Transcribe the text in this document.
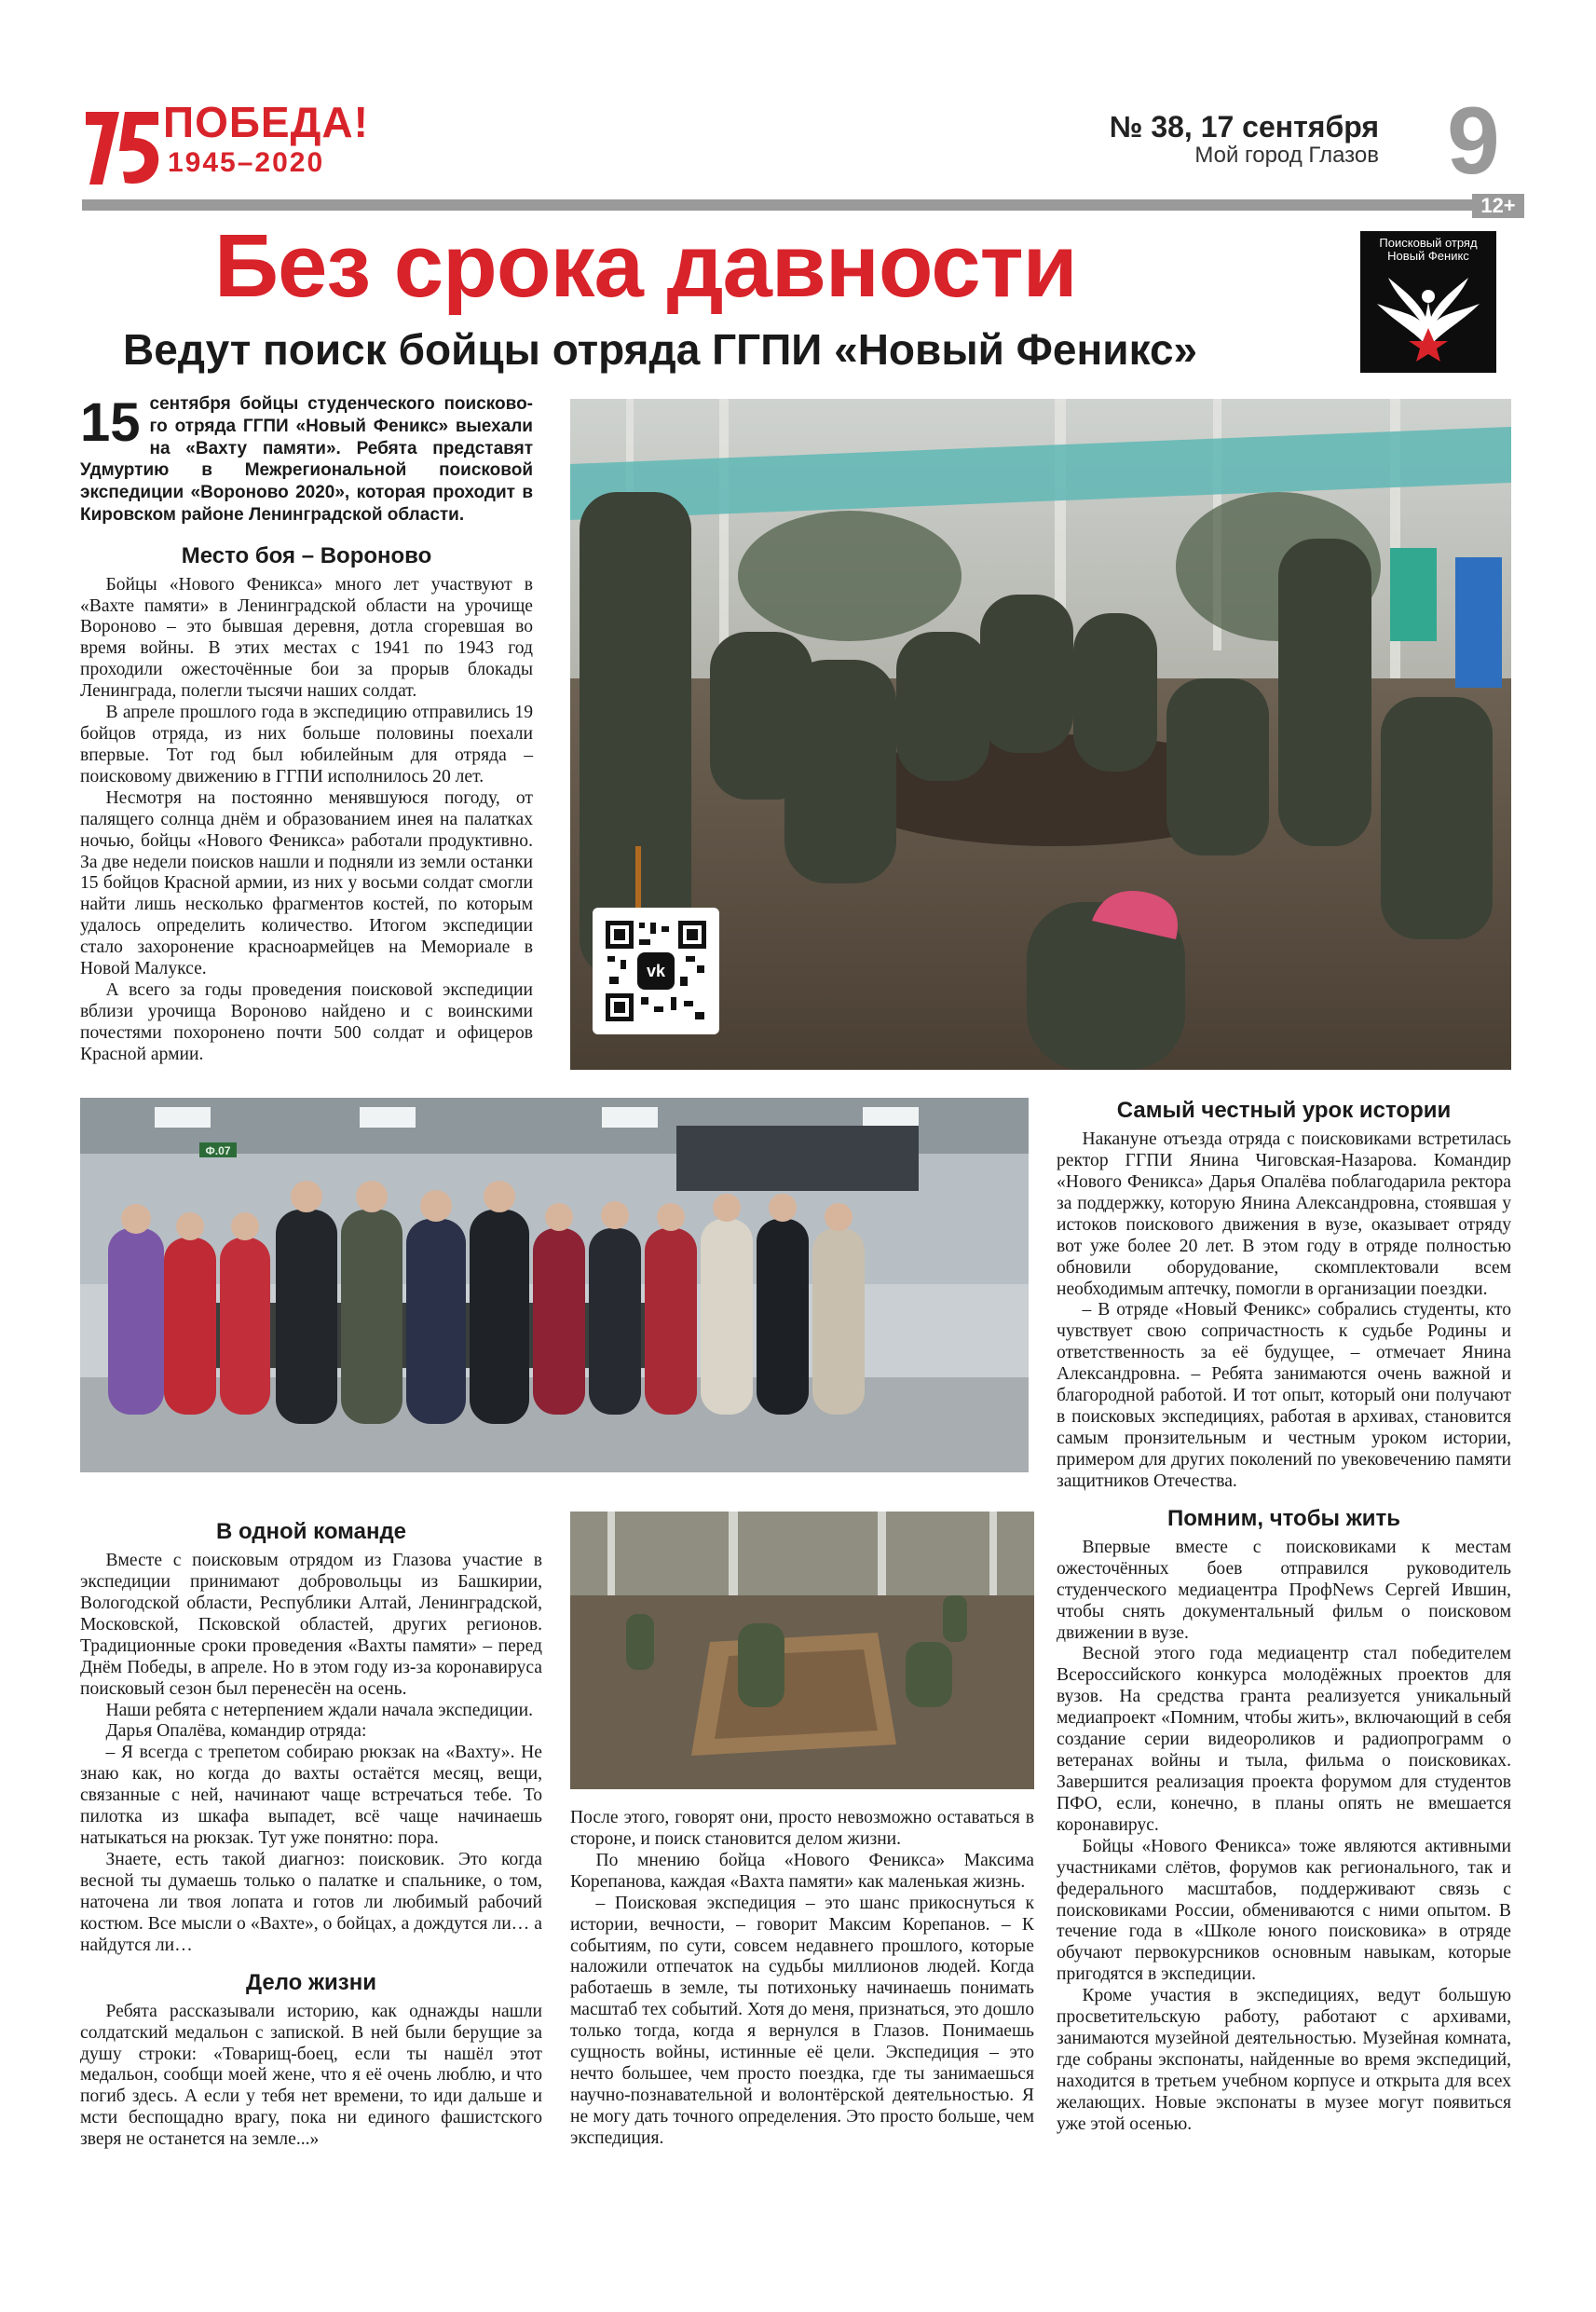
ПОБЕДА!
1945–2020
№ 38, 17 сентября
Мой город Глазов 9
12+
Без срока давности
Ведут поиск бойцы отряда ГГПИ «Новый Феникс»
Поисковый отряд
Новый Феникс
15 сентября бойцы студенческого поисково-го отряда ГГПИ «Новый Феникс» выехали на «Вахту памяти». Ребята представят Удмуртию в Межрегиональной поисковой экспедиции «Вороново 2020», которая проходит в Кировском районе Ленинградской области.
Место боя – Вороново

Бойцы «Нового Феникса» много лет участвуют в «Вахте памяти» в Ленинградской области на урочище Вороново – это бывшая деревня, дотла сгоревшая во время войны. В этих местах с 1941 по 1943 год проходили ожесточённые бои за прорыв блокады Ленинграда, полегли тысячи наших солдат.

В апреле прошлого года в экспедицию отправились 19 бойцов отряда, из них больше половины поехали впервые. Тот год был юбилейным для отряда – поисковому движению в ГГПИ исполнилось 20 лет.

Несмотря на постоянно менявшуюся погоду, от палящего солнца днём и образованием инея на палатках ночью, бойцы «Нового Феникса» работали продуктивно. За две недели поисков нашли и подняли из земли останки 15 бойцов Красной армии, из них у восьми солдат смогли найти лишь несколько фрагментов костей, по которым удалось определить количество. Итогом экспедиции стало захоронение красноармейцев на Мемориале в Новой Малуксе.

А всего за годы проведения поисковой экспедиции вблизи урочища Вороново найдено и с воинскими почестями похоронено почти 500 солдат и офицеров Красной армии.

vk
Ф.07
Самый честный урок истории

Накануне отъезда отряда с поисковиками встретилась ректор ГГПИ Янина Чиговская-Назарова. Командир «Нового Феникса» Дарья Опалёва поблагодарила ректора за поддержку, которую Янина Александровна, стоявшая у истоков поискового движения в вузе, оказывает отряду вот уже более 20 лет. В этом году в отряде полностью обновили оборудование, скомплектовали всем необходимым аптечку, помогли в организации поездки.

– В отряде «Новый Феникс» собрались студенты, кто чувствует свою сопричастность к судьбе Родины и ответственность за её будущее, – отмечает Янина Александровна. – Ребята занимаются очень важной и благородной работой. И тот опыт, который они получают в поисковых экспедициях, работая в архивах, становится самым пронзительным и честным уроком истории, примером для других поколений по увековечению памяти защитников Отечества.

Помним, чтобы жить

Впервые вместе с поисковиками к местам ожесточённых боев отправился руководитель студенческого медиацентра ПрофNews Сергей Ившин, чтобы снять документальный фильм о поисковом движении в вузе.

Весной этого года медиацентр стал победителем Всероссийского конкурса молодёжных проектов для вузов. На средства гранта реализуется уникальный медиапроект «Помним, чтобы жить», включающий в себя создание серии видеороликов и радиопрограмм о ветеранах войны и тыла, фильма о поисковиках. Завершится реализация проекта форумом для студентов ПФО, если, конечно, в планы опять не вмешается коронавирус.

Бойцы «Нового Феникса» тоже являются активными участниками слётов, форумов как регионального, так и федерального масштабов, поддерживают связь с поисковиками России, обмениваются с ними опытом. В течение года в «Школе юного поисковика» в отряде обучают первокурсников основным навыкам, которые пригодятся в экспедиции.

Кроме участия в экспедициях, ведут большую просветительскую работу, работают с архивами, занимаются музейной деятельностью. Музейная комната, где собраны экспонаты, найденные во время экспедиций, находится в третьем учебном корпусе и открыта для всех желающих. Новые экспонаты в музее могут появиться уже этой осенью.

В одной команде

Вместе с поисковым отрядом из Глазова участие в экспедиции принимают добровольцы из Башкирии, Вологодской области, Республики Алтай, Ленинградской, Московской, Псковской областей, других регионов. Традиционные сроки проведения «Вахты памяти» – перед Днём Победы, в апреле. Но в этом году из-за коронавируса поисковый сезон был перенесён на осень.

Наши ребята с нетерпением ждали начала экспедиции.

Дарья Опалёва, командир отряда:

– Я всегда с трепетом собираю рюкзак на «Вахту». Не знаю как, но когда до вахты остаётся месяц, вещи, связанные с ней, начинают чаще встречаться тебе. То пилотка из шкафа выпадет, всё чаще начинаешь натыкаться на рюкзак. Тут уже понятно: пора.

Знаете, есть такой диагноз: поисковик. Это когда весной ты думаешь только о палатке и спальнике, о том, наточена ли твоя лопата и готов ли любимый рабочий костюм. Все мысли о «Вахте», о бойцах, а дождутся ли… а найдутся ли…

Дело жизни

Ребята рассказывали историю, как однажды нашли солдатский медальон с запиской. В ней были берущие за душу строки: «Товарищ-боец, если ты нашёл этот медальон, сообщи моей жене, что я её очень люблю, и что погиб здесь. А если у тебя нет времени, то иди дальше и мсти беспощадно врагу, пока ни единого фашистского зверя не останется на земле...»

После этого, говорят они, просто невозможно оставаться в стороне, и поиск становится делом жизни.

По мнению бойца «Нового Феникса» Максима Корепанова, каждая «Вахта памяти» как маленькая жизнь.

– Поисковая экспедиция – это шанс прикоснуться к истории, вечности, – говорит Максим Корепанов. – К событиям, по сути, совсем недавнего прошлого, которые наложили отпечаток на судьбы миллионов людей. Когда работаешь в земле, ты потихоньку начинаешь понимать масштаб тех событий. Хотя до меня, признаться, это дошло только тогда, когда я вернулся в Глазов. Понимаешь сущность войны, истинные её цели. Экспедиция – это нечто большее, чем просто поездка, где ты занимаешься научно-познавательной и волонтёрской деятельностью. Я не могу дать точного определения. Это просто больше, чем экспедиция.
